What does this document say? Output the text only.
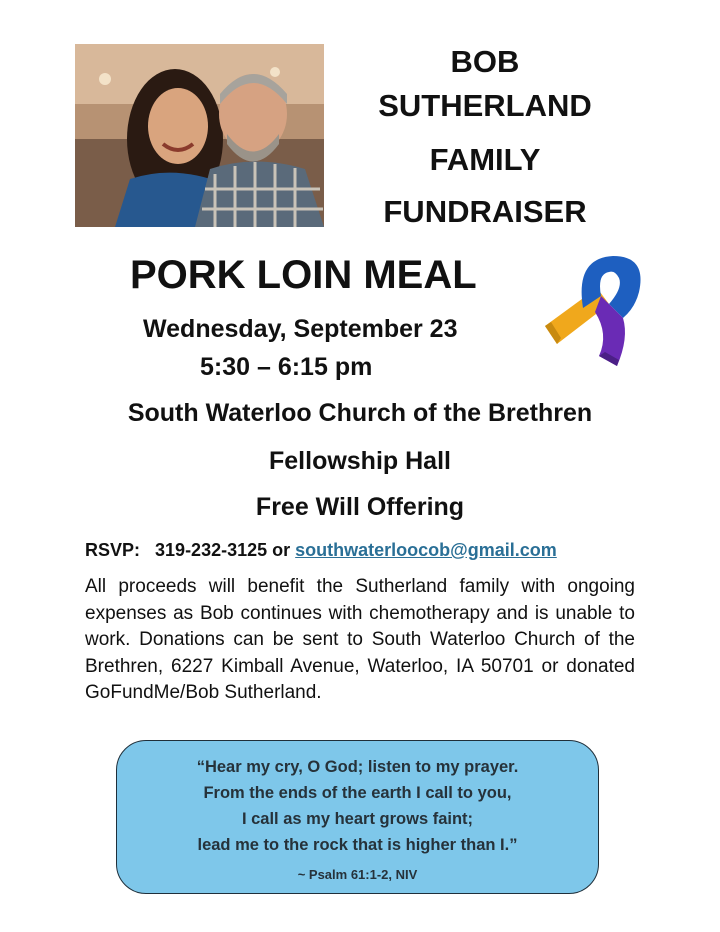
BOB
SUTHERLAND
FAMILY
FUNDRAISER
PORK LOIN MEAL
Wednesday, September 23
5:30 – 6:15 pm
South Waterloo Church of the Brethren
Fellowship Hall
Free Will Offering
RSVP: 319-232-3125 or southwaterloocob@gmail.com
All proceeds will benefit the Sutherland family with ongoing expenses as Bob continues with chemotherapy and is unable to work. Donations can be sent to South Waterloo Church of the Brethren, 6227 Kimball Avenue, Waterloo, IA 50701 or donated GoFundMe/Bob Sutherland.
“Hear my cry, O God; listen to my prayer.
From the ends of the earth I call to you,
I call as my heart grows faint;
lead me to the rock that is higher than I.”
~ Psalm 61:1-2, NIV
